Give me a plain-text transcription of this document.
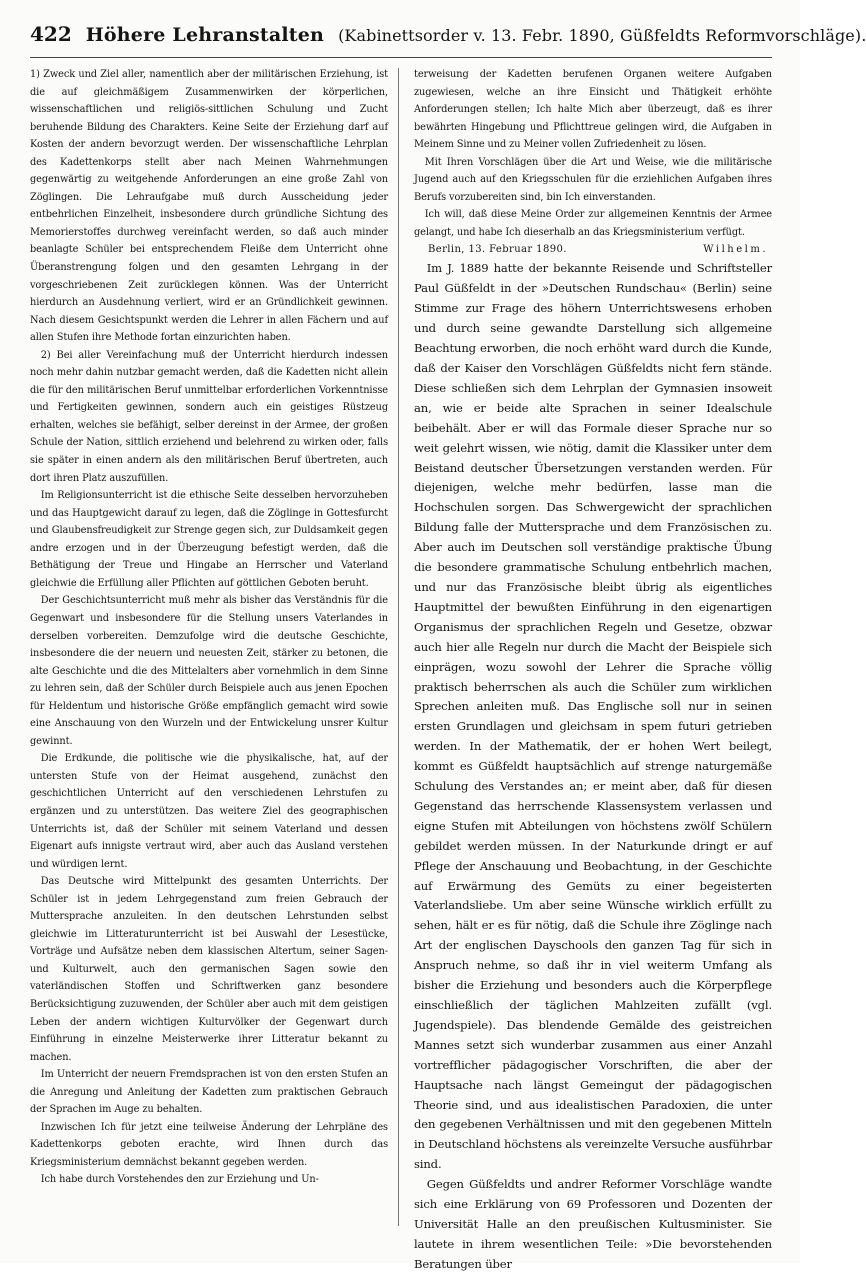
422 Höhere Lehranstalten (Kabinettsorder v. 13. Febr. 1890, Güßfeldts Reformvorschläge).

1) Zweck und Ziel aller, namentlich aber der militärischen Erziehung, ist die auf gleichmäßigem Zusammenwirken der körperlichen, wissenschaftlichen und religiös-sittlichen Schulung und Zucht beruhende Bildung des Charakters. Keine Seite der Erziehung darf auf Kosten der andern bevorzugt werden. Der wissenschaftliche Lehrplan des Kadettenkorps stellt aber nach Meinen Wahrnehmungen gegenwärtig zu weitgehende Anforderungen an eine große Zahl von Zöglingen. Die Lehraufgabe muß durch Ausscheidung jeder entbehrlichen Einzelheit, insbesondere durch gründliche Sichtung des Memorierstoffes durchweg vereinfacht werden, so daß auch minder beanlagte Schüler bei entsprechendem Fleiße dem Unterricht ohne Überanstrengung folgen und den gesamten Lehrgang in der vorgeschriebenen Zeit zurücklegen können. Was der Unterricht hierdurch an Ausdehnung verliert, wird er an Gründlichkeit gewinnen. Nach diesem Gesichtspunkt werden die Lehrer in allen Fächern und auf allen Stufen ihre Methode fortan einzurichten haben.

2) Bei aller Vereinfachung muß der Unterricht hierdurch indessen noch mehr dahin nutzbar gemacht werden, daß die Kadetten nicht allein die für den militärischen Beruf unmittelbar erforderlichen Vorkenntnisse und Fertigkeiten gewinnen, sondern auch ein geistiges Rüstzeug erhalten, welches sie befähigt, selber dereinst in der Armee, der großen Schule der Nation, sittlich erziehend und belehrend zu wirken oder, falls sie später in einen andern als den militärischen Beruf übertreten, auch dort ihren Platz auszufüllen.

Im Religionsunterricht ist die ethische Seite desselben hervorzuheben und das Hauptgewicht darauf zu legen, daß die Zöglinge in Gottesfurcht und Glaubensfreudigkeit zur Strenge gegen sich, zur Duldsamkeit gegen andre erzogen und in der Überzeugung befestigt werden, daß die Bethätigung der Treue und Hingabe an Herrscher und Vaterland gleichwie die Erfüllung aller Pflichten auf göttlichen Geboten beruht.

Der Geschichtsunterricht muß mehr als bisher das Verständnis für die Gegenwart und insbesondere für die Stellung unsers Vaterlandes in derselben vorbereiten. Demzufolge wird die deutsche Geschichte, insbesondere die der neuern und neuesten Zeit, stärker zu betonen, die alte Geschichte und die des Mittelalters aber vornehmlich in dem Sinne zu lehren sein, daß der Schüler durch Beispiele auch aus jenen Epochen für Heldentum und historische Größe empfänglich gemacht wird sowie eine Anschauung von den Wurzeln und der Entwickelung unsrer Kultur gewinnt.

Die Erdkunde, die politische wie die physikalische, hat, auf der untersten Stufe von der Heimat ausgehend, zunächst den geschichtlichen Unterricht auf den verschiedenen Lehrstufen zu ergänzen und zu unterstützen. Das weitere Ziel des geographischen Unterrichts ist, daß der Schüler mit seinem Vaterland und dessen Eigenart aufs innigste vertraut wird, aber auch das Ausland verstehen und würdigen lernt.

Das Deutsche wird Mittelpunkt des gesamten Unterrichts. Der Schüler ist in jedem Lehrgegenstand zum freien Gebrauch der Muttersprache anzuleiten. In den deutschen Lehrstunden selbst gleichwie im Litteraturunterricht ist bei Auswahl der Lesestücke, Vorträge und Aufsätze neben dem klassischen Altertum, seiner Sagen- und Kulturwelt, auch den germanischen Sagen sowie den vaterländischen Stoffen und Schriftwerken ganz besondere Berücksichtigung zuzuwenden, der Schüler aber auch mit dem geistigen Leben der andern wichtigen Kulturvölker der Gegenwart durch Einführung in einzelne Meisterwerke ihrer Litteratur bekannt zu machen.

Im Unterricht der neuern Fremdsprachen ist von den ersten Stufen an die Anregung und Anleitung der Kadetten zum praktischen Gebrauch der Sprachen im Auge zu behalten.

Inzwischen Ich für jetzt eine teilweise Änderung der Lehrpläne des Kadettenkorps geboten erachte, wird Ihnen durch das Kriegsministerium demnächst bekannt gegeben werden.

Ich habe durch Vorstehendes den zur Erziehung und Un-

terweisung der Kadetten berufenen Organen weitere Aufgaben zugewiesen, welche an ihre Einsicht und Thätigkeit erhöhte Anforderungen stellen; Ich halte Mich aber überzeugt, daß es ihrer bewährten Hingebung und Pflichttreue gelingen wird, die Aufgaben in Meinem Sinne und zu Meiner vollen Zufriedenheit zu lösen.

Mit Ihren Vorschlägen über die Art und Weise, wie die militärische Jugend auch auf den Kriegsschulen für die erziehlichen Aufgaben ihres Berufs vorzubereiten sind, bin Ich einverstanden.

Ich will, daß diese Meine Order zur allgemeinen Kenntnis der Armee gelangt, und habe Ich dieserhalb an das Kriegsministerium verfügt.

Berlin, 13. Februar 1890.	Wilhelm.

Im J. 1889 hatte der bekannte Reisende und Schriftsteller Paul Güßfeldt in der »Deutschen Rundschau« (Berlin) seine Stimme zur Frage des höhern Unterrichtswesens erhoben und durch seine gewandte Darstellung sich allgemeine Beachtung erworben, die noch erhöht ward durch die Kunde, daß der Kaiser den Vorschlägen Güßfeldts nicht fern stände. Diese schließen sich dem Lehrplan der Gymnasien insoweit an, wie er beide alte Sprachen in seiner Idealschule beibehält. Aber er will das Formale dieser Sprache nur so weit gelehrt wissen, wie nötig, damit die Klassiker unter dem Beistand deutscher Übersetzungen verstanden werden. Für diejenigen, welche mehr bedürfen, lasse man die Hochschulen sorgen. Das Schwergewicht der sprachlichen Bildung falle der Muttersprache und dem Französischen zu. Aber auch im Deutschen soll verständige praktische Übung die besondere grammatische Schulung entbehrlich machen, und nur das Französische bleibt übrig als eigentliches Hauptmittel der bewußten Einführung in den eigenartigen Organismus der sprachlichen Regeln und Gesetze, obzwar auch hier alle Regeln nur durch die Macht der Beispiele sich einprägen, wozu sowohl der Lehrer die Sprache völlig praktisch beherrschen als auch die Schüler zum wirklichen Sprechen anleiten muß. Das Englische soll nur in seinen ersten Grundlagen und gleichsam in spem futuri getrieben werden. In der Mathematik, der er hohen Wert beilegt, kommt es Güßfeldt hauptsächlich auf strenge naturgemäße Schulung des Verstandes an; er meint aber, daß für diesen Gegenstand das herrschende Klassensystem verlassen und eigne Stufen mit Abteilungen von höchstens zwölf Schülern gebildet werden müssen. In der Naturkunde dringt er auf Pflege der Anschauung und Beobachtung, in der Geschichte auf Erwärmung des Gemüts zu einer begeisterten Vaterlandsliebe. Um aber seine Wünsche wirklich erfüllt zu sehen, hält er es für nötig, daß die Schule ihre Zöglinge nach Art der englischen Dayschools den ganzen Tag für sich in Anspruch nehme, so daß ihr in viel weiterm Umfang als bisher die Erziehung und besonders auch die Körperpflege einschließlich der täglichen Mahlzeiten zufällt (vgl. Jugendspiele). Das blendende Gemälde des geistreichen Mannes setzt sich wunderbar zusammen aus einer Anzahl vortrefflicher pädagogischer Vorschriften, die aber der Hauptsache nach längst Gemeingut der pädagogischen Theorie sind, und aus idealistischen Paradoxien, die unter den gegebenen Verhältnissen und mit den gegebenen Mitteln in Deutschland höchstens als vereinzelte Versuche ausführbar sind.

Gegen Güßfeldts und andrer Reformer Vorschläge wandte sich eine Erklärung von 69 Professoren und Dozenten der Universität Halle an den preußischen Kultusminister. Sie lautete in ihrem wesentlichen Teile: »Die bevorstehenden Beratungen über
